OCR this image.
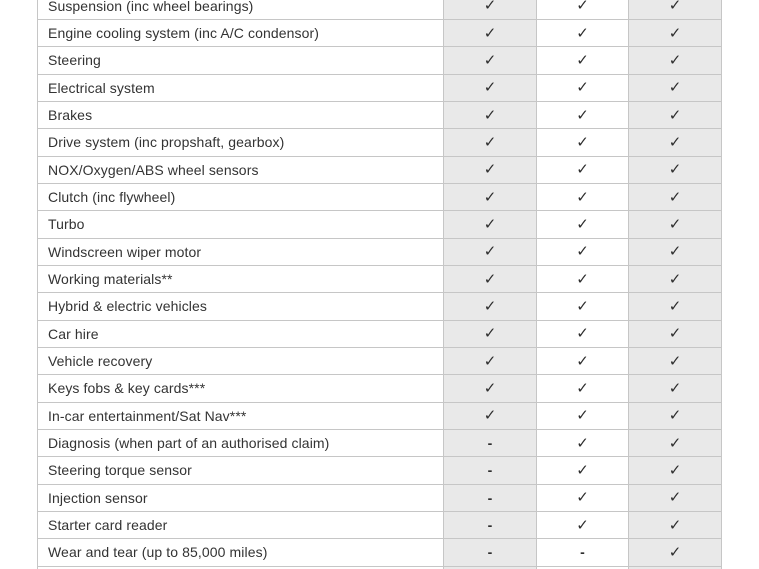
Suspension (inc wheel bearings)	✓	✓	✓
Engine cooling system (inc A/C condensor)	✓	✓	✓
Steering	✓	✓	✓
Electrical system	✓	✓	✓
Brakes	✓	✓	✓
Drive system (inc propshaft, gearbox)	✓	✓	✓
NOX/Oxygen/ABS wheel sensors	✓	✓	✓
Clutch (inc flywheel)	✓	✓	✓
Turbo	✓	✓	✓
Windscreen wiper motor	✓	✓	✓
Working materials**	✓	✓	✓
Hybrid & electric vehicles	✓	✓	✓
Car hire	✓	✓	✓
Vehicle recovery	✓	✓	✓
Keys fobs & key cards***	✓	✓	✓
In-car entertainment/Sat Nav***	✓	✓	✓
Diagnosis (when part of an authorised claim)	-	✓	✓
Steering torque sensor	-	✓	✓
Injection sensor	-	✓	✓
Starter card reader	-	✓	✓
Wear and tear (up to 85,000 miles)	-	-	✓
